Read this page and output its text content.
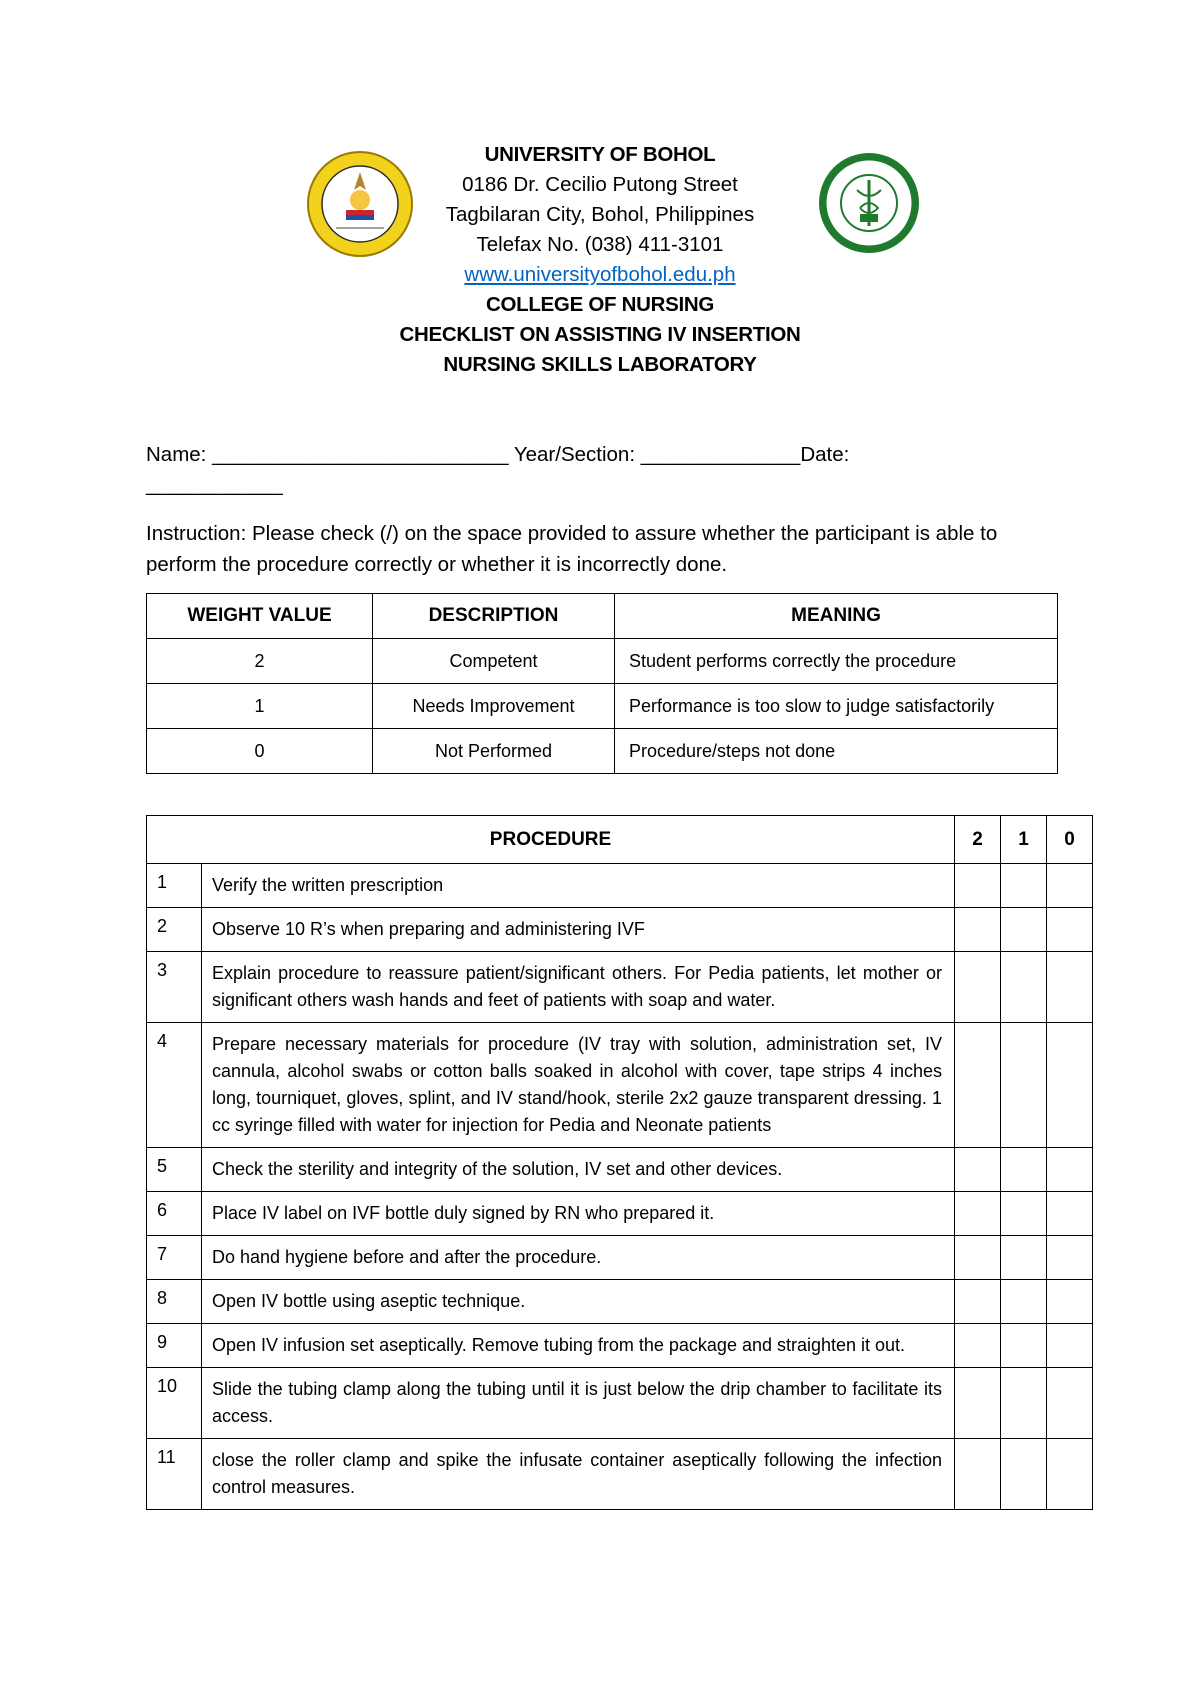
UNIVERSITY OF BOHOL
0186 Dr. Cecilio Putong Street
Tagbilaran City, Bohol, Philippines
Telefax No. (038) 411-3101
www.universityofbohol.edu.ph
COLLEGE OF NURSING
CHECKLIST ON ASSISTING IV INSERTION
NURSING SKILLS LABORATORY
Name: __________________________ Year/Section: ______________Date:
____________
Instruction: Please check (/) on the space provided to assure whether the participant is able to perform the procedure correctly or whether it is incorrectly done.
WEIGHT VALUE	DESCRIPTION	MEANING
2	Competent	Student performs correctly the procedure
1	Needs Improvement	Performance is too slow to judge satisfactorily
0	Not Performed	Procedure/steps not done
PROCEDURE		2	1	0
1	Verify the written prescription			
2	Observe 10 R’s when preparing and administering IVF			
3	Explain procedure to reassure patient/significant others. For Pedia patients, let mother or significant others wash hands and feet of patients with soap and water.			
4	Prepare necessary materials for procedure (IV tray with solution, administration set, IV cannula, alcohol swabs or cotton balls soaked in alcohol with cover, tape strips 4 inches long, tourniquet, gloves, splint, and IV stand/hook, sterile 2x2 gauze transparent dressing. 1 cc syringe filled with water for injection for Pedia and Neonate patients			
5	Check the sterility and integrity of the solution, IV set and other devices.			
6	Place IV label on IVF bottle duly signed by RN who prepared it.			
7	Do hand hygiene before and after the procedure.			
8	Open IV bottle using aseptic technique.			
9	Open IV infusion set aseptically. Remove tubing from the package and straighten it out.			
10	Slide the tubing clamp along the tubing until it is just below the drip chamber to facilitate its access.			
11	close the roller clamp and spike the infusate container aseptically following the infection control measures.			
